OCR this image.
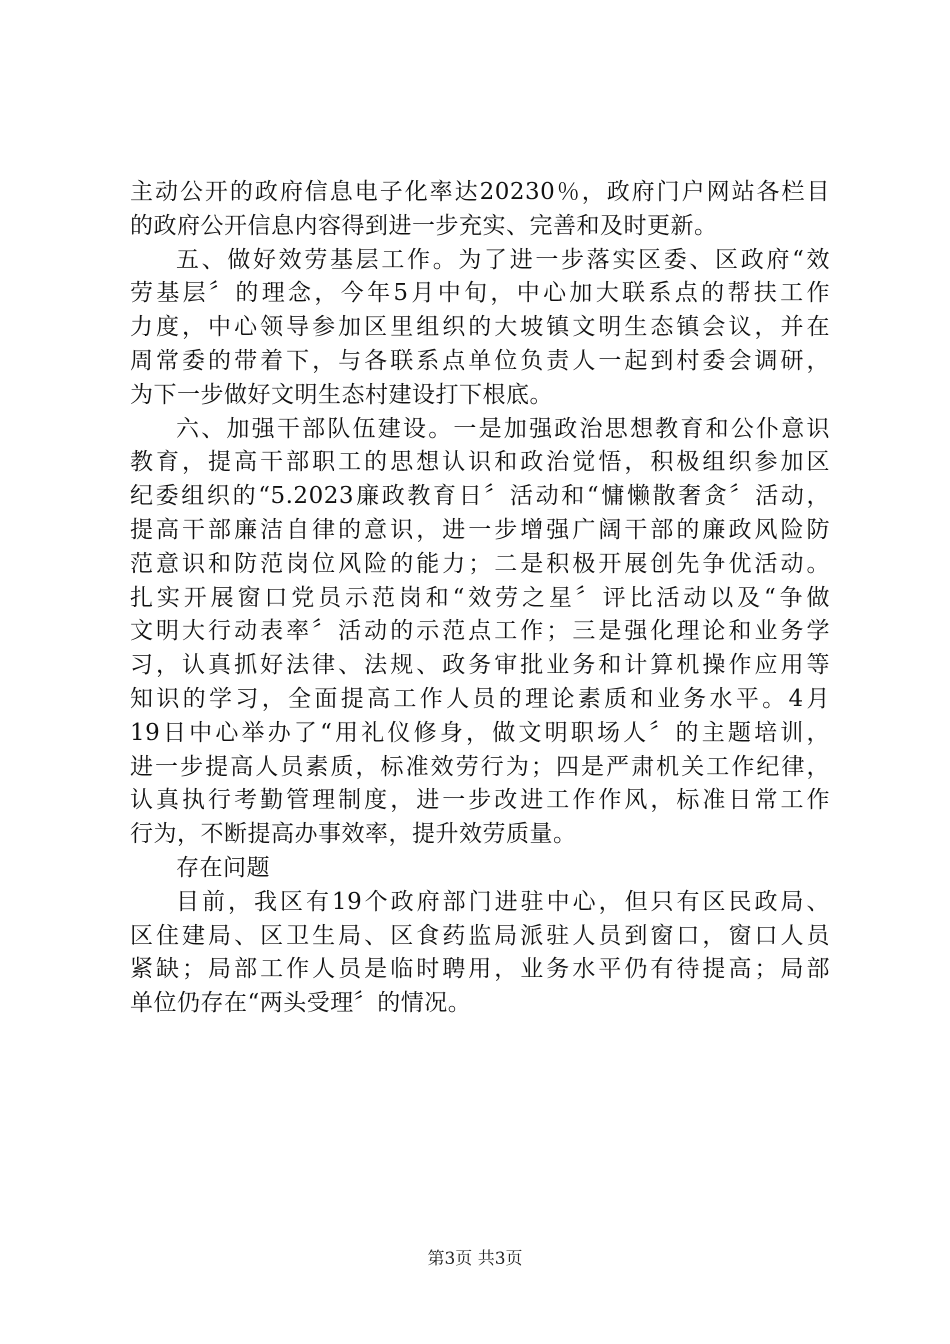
主动公开的政府信息电子化率达20230％，政府门户网站各栏目
的政府公开信息内容得到进一步充实、完善和及时更新。
五、做好效劳基层工作。为了进一步落实区委、区政府“效
劳基层〞的理念，今年5月中旬，中心加大联系点的帮扶工作
力度，中心领导参加区里组织的大坡镇文明生态镇会议，并在
周常委的带着下，与各联系点单位负责人一起到村委会调研，
为下一步做好文明生态村建设打下根底。
六、加强干部队伍建设。一是加强政治思想教育和公仆意识
教育，提高干部职工的思想认识和政治觉悟，积极组织参加区
纪委组织的“5.2023廉政教育日〞活动和“慵懒散奢贪〞活动，
提高干部廉洁自律的意识，进一步增强广阔干部的廉政风险防
范意识和防范岗位风险的能力；二是积极开展创先争优活动。
扎实开展窗口党员示范岗和“效劳之星〞评比活动以及“争做
文明大行动表率〞活动的示范点工作；三是强化理论和业务学
习，认真抓好法律、法规、政务审批业务和计算机操作应用等
知识的学习，全面提高工作人员的理论素质和业务水平。4月
19日中心举办了“用礼仪修身，做文明职场人〞的主题培训，
进一步提高人员素质，标准效劳行为；四是严肃机关工作纪律，
认真执行考勤管理制度，进一步改进工作作风，标准日常工作
行为，不断提高办事效率，提升效劳质量。
存在问题
目前，我区有19个政府部门进驻中心，但只有区民政局、
区住建局、区卫生局、区食药监局派驻人员到窗口，窗口人员
紧缺；局部工作人员是临时聘用，业务水平仍有待提高；局部
单位仍存在“两头受理〞的情况。
第3页 共3页
